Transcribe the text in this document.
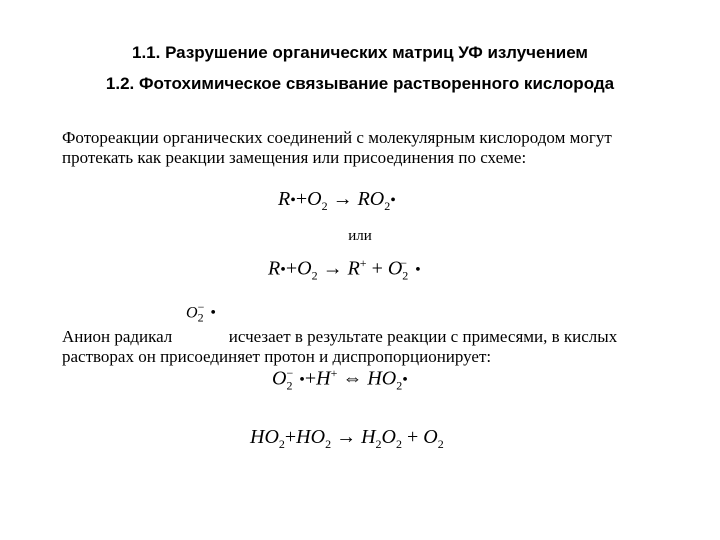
1.1. Разрушение органических матриц УФ излучением
1.2. Фотохимическое связывание растворенного кислорода
Фотореакции органических соединений с молекулярным кислородом могут
протекать как реакции замещения или присоединения по схеме:
$R•+O_2$ → $RO_2•$
или
$R•+O_2 \to R^+ + O_2^-$ •
$O_2^-$ •
Анион радикал	исчезает в результате реакции с примесями, в кислых
растворах он присоединяет протон и диспропорционирует:
$O_2^-$ •+H+ ⇔ $HO_2•$
$HO_2+HO_2 \to H_2O_2 + O_2$
